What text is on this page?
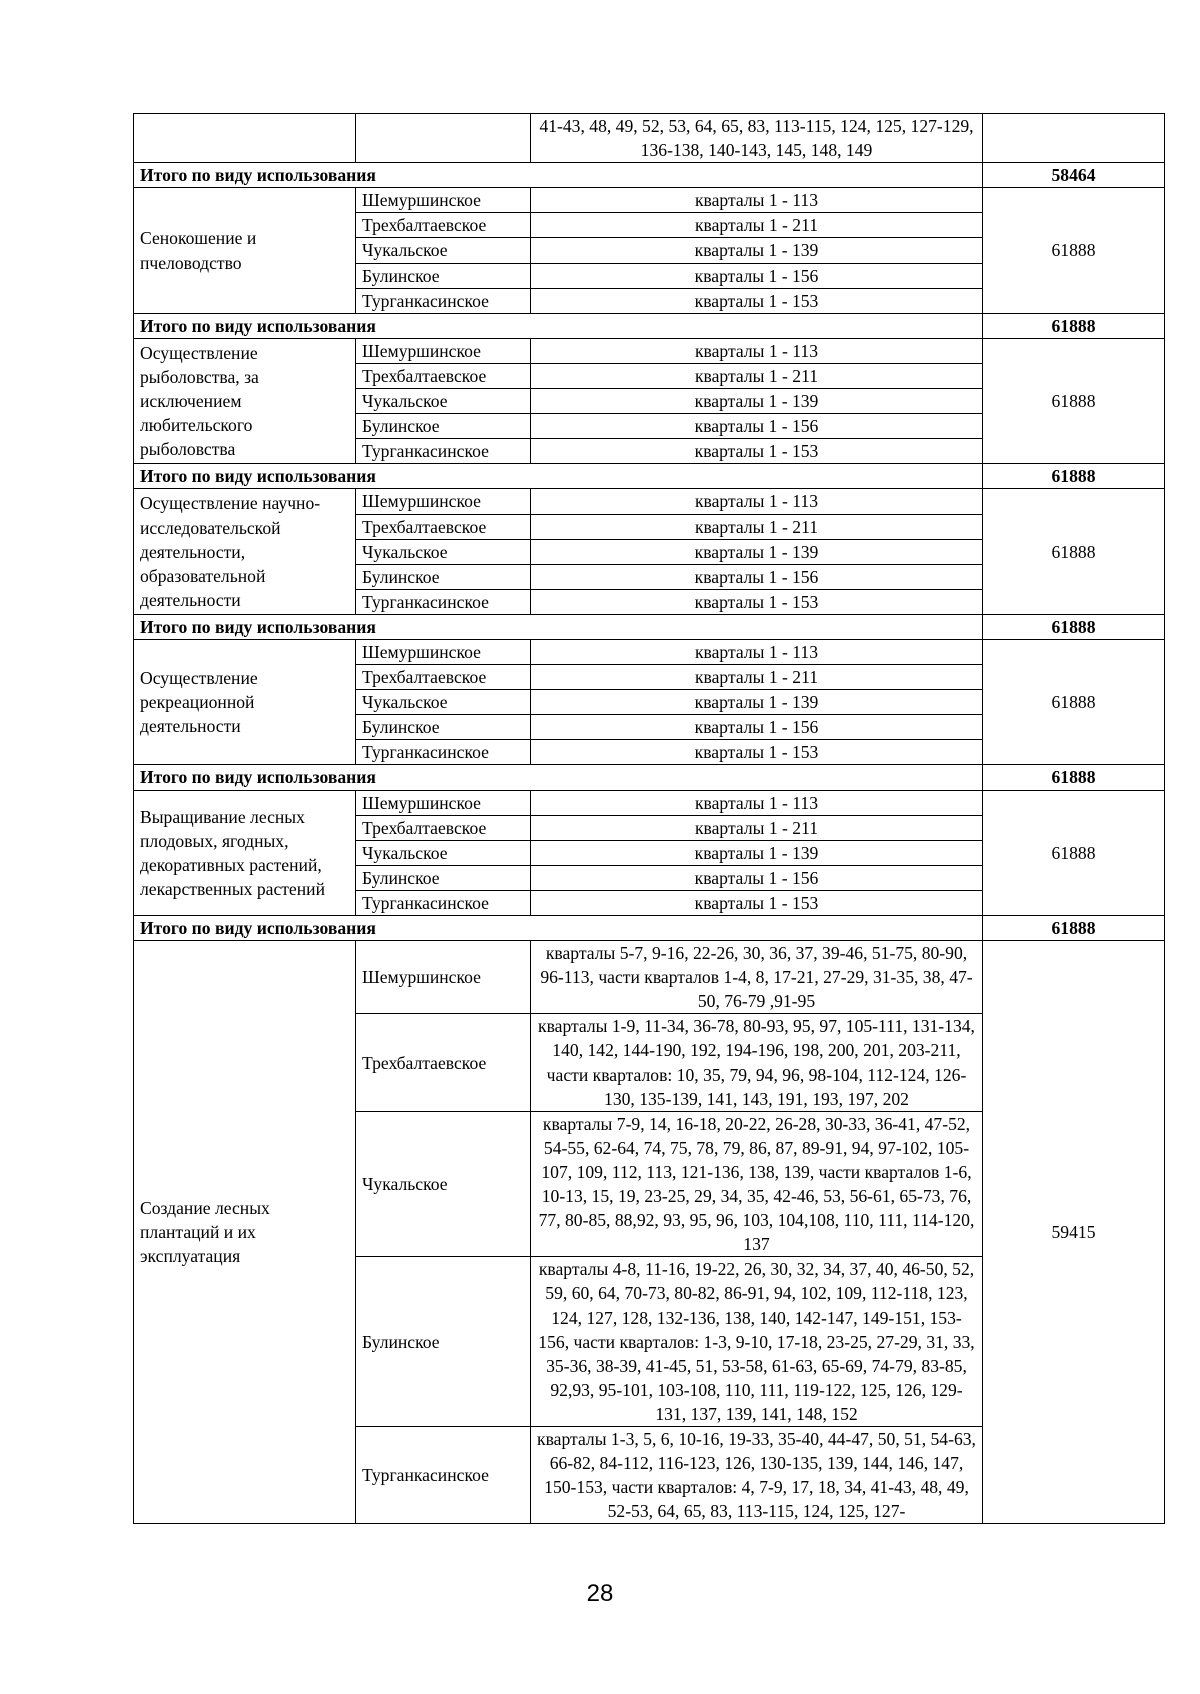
		41-43, 48, 49, 52, 53, 64, 65, 83, 113-115, 124, 125, 127-129, 136-138, 140-143, 145, 148, 149	
Итого по виду использования			58464
Сенокошение и пчеловодство	Шемуршинское	кварталы 1 - 113	61888
	Трехбалтаевское	кварталы 1 - 211	
	Чукальское	кварталы 1 - 139	
	Булинское	кварталы 1 - 156	
	Турганкасинское	кварталы 1 - 153	
Итого по виду использования			61888
Осуществление рыболовства, за исключением любительского рыболовства	Шемуршинское	кварталы 1 - 113	61888
	Трехбалтаевское	кварталы 1 - 211	
	Чукальское	кварталы 1 - 139	
	Булинское	кварталы 1 - 156	
	Турганкасинское	кварталы 1 - 153	
Итого по виду использования			61888
Осуществление научно-исследовательской деятельности, образовательной деятельности	Шемуршинское	кварталы 1 - 113	61888
	Трехбалтаевское	кварталы 1 - 211	
	Чукальское	кварталы 1 - 139	
	Булинское	кварталы 1 - 156	
	Турганкасинское	кварталы 1 - 153	
Итого по виду использования			61888
Осуществление рекреационной деятельности	Шемуршинское	кварталы 1 - 113	61888
	Трехбалтаевское	кварталы 1 - 211	
	Чукальское	кварталы 1 - 139	
	Булинское	кварталы 1 - 156	
	Турганкасинское	кварталы 1 - 153	
Итого по виду использования			61888
Выращивание лесных плодовых, ягодных, декоративных растений, лекарственных растений	Шемуршинское	кварталы 1 - 113	61888
	Трехбалтаевское	кварталы 1 - 211	
	Чукальское	кварталы 1 - 139	
	Булинское	кварталы 1 - 156	
	Турганкасинское	кварталы 1 - 153	
Итого по виду использования			61888
Создание лесных плантаций и их эксплуатация	Шемуршинское	кварталы 5-7, 9-16, 22-26, 30, 36, 37, 39-46, 51-75, 80-90, 96-113, части кварталов 1-4, 8, 17-21, 27-29, 31-35, 38, 47-50, 76-79 ,91-95	59415
	Трехбалтаевское	кварталы 1-9, 11-34, 36-78, 80-93, 95, 97, 105-111, 131-134, 140, 142, 144-190, 192, 194-196, 198, 200, 201, 203-211, части кварталов: 10, 35, 79, 94, 96, 98-104, 112-124, 126-130, 135-139, 141, 143, 191, 193, 197, 202	
	Чукальское	кварталы 7-9, 14, 16-18, 20-22, 26-28, 30-33, 36-41, 47-52, 54-55, 62-64, 74, 75, 78, 79, 86, 87, 89-91, 94, 97-102, 105-107, 109, 112, 113, 121-136, 138, 139, части кварталов 1-6, 10-13, 15, 19, 23-25, 29, 34, 35, 42-46, 53, 56-61, 65-73, 76, 77, 80-85, 88,92, 93, 95, 96, 103, 104,108, 110, 111, 114-120, 137	
	Булинское	кварталы 4-8, 11-16, 19-22, 26, 30, 32, 34, 37, 40, 46-50, 52, 59, 60, 64, 70-73, 80-82, 86-91, 94, 102, 109, 112-118, 123, 124, 127, 128, 132-136, 138, 140, 142-147, 149-151, 153-156, части кварталов: 1-3, 9-10, 17-18, 23-25, 27-29, 31, 33, 35-36, 38-39, 41-45, 51, 53-58, 61-63, 65-69, 74-79, 83-85, 92,93, 95-101, 103-108, 110, 111, 119-122, 125, 126, 129-131, 137, 139, 141, 148, 152	
	Турганкасинское	кварталы 1-3, 5, 6, 10-16, 19-33, 35-40, 44-47, 50, 51, 54-63, 66-82, 84-112, 116-123, 126, 130-135, 139, 144, 146, 147, 150-153, части кварталов: 4, 7-9, 17, 18, 34, 41-43, 48, 49, 52-53, 64, 65, 83, 113-115, 124, 125, 127-	
28
